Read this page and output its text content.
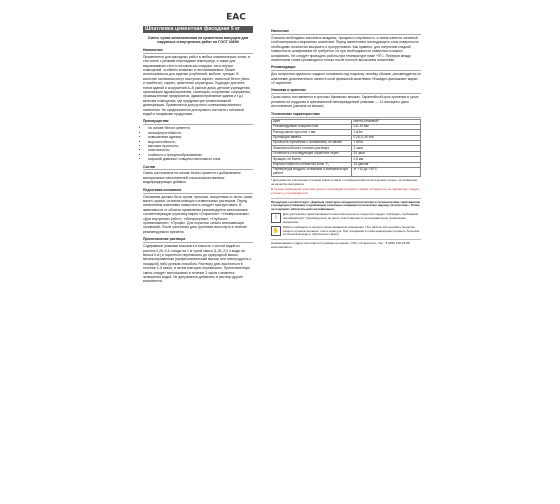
EAC
Шпатлевка цементная фасадная 5 кг
Смесь сухая шпатлевочная на цементном вяжущем для наружных и внутренних работ по ГОСТ 33699
Назначение
Применяется для фасадных работ в любых климатических зонах, в том числе с резкими перепадами температур, а также для выравнивания стен и потолков как снаружи, так и внутри помещений, особенно влажных и неотапливаемых. Может использоваться для заделки углублений, выбоин, трещин. В качестве основания могут выступать кирпич, ячеистый бетон (пено- и газобетон), кирпич, цементная штукатурка. Подходит для всех типов зданий и сооружений А–В (жилые дома, детские учреждения, организации здравоохранения, санатории, спортивные сооружения, промышленные предприятия, административные здания и т.д.) включая помещения, где предусмотрен режим влажной дезинфекции. Применяется для ручного и механизированного нанесения. Не предназначена для прямого контакта с питьевой водой и пищевыми продуктами.
Преимущества:
• на основе белого цемента;
• атмосферостойкость;
• повышенная адгезия;
• морозостойкость;
• высокая прочность;
• эластичность;
• стойкость к трещинообразованию;
• широкий диапазон толщины наносимого слоя.
Состав
Смесь изготовлена на основе белого цемента с добавлением минеральных наполнителей и высококачественных модифицирующих добавок.
Подготовка основания
Основание должно быть сухим, прочным, очищенным от пыли, грязи, масел, краски, остатков моющих и известковых растворов. Перед нанесением шпатлевки поверхность следует прогрунтовать. В зависимости от области применения рекомендуется использовать соответствующую грунтовку марки «Старатели»: «Универсальная», «Для внутренних работ», «Интерьерная», «Глубокого проникновения», «Профи». Для пористых сильно впитывающих оснований. После нанесения дать грунтовке высохнуть в течение рекомендуемого времени.
Приготовление раствора
Содержимое упаковки высыпать в емкость с чистой водой из расчета 0,25–0,4 л воды на 1 кг сухой смеси (1,25–2,0 л воды на мешок 5 кг) и тщательно перемешать до однородной массы механизированным (профессиональный миксер или электродрель с насадкой) либо ручным способом. Раствору дать выстояться в течение 3–5 минут, и затем повторно перемешать. Приготовленную смесь следует использовать в течение 3 часов с момента затворения водой. Не допускается добавлять в раствор другие компоненты.
Нанесение
Сначала необходимо заполнить впадины, трещины и неровности, а затем нанести основной слой материала и выровнять шпателем. Перед нанесением последующего слоя поверхность необходимо полностью высушить и прогрунтовать. Как правило, для получения гладкой поверхности шлифование не требуется, но при необходимости поверхность можно шлифовать. Не следует проводить работы при температуре ниже +5°С. Перерыв между нанесением слоев производится только после полного высыхания шпатлевки.
Рекомендации
Для получения идеально гладкого основания под покраску, оклейку обоями, рекомендуется по шпатлевке дополнительно нанести слой финишной шпатлевки «Фасадно-финишная» марки «Старатели».
Упаковка и хранение
Сухая смесь поставляется в прочных бумажных мешках. Гарантийный срок хранения в сухих условиях на поддонах в оригинальной неповрежденной упаковке — 12 месяцев с даты изготовления (указана на мешке).
Технические характеристики
Цвет	светло-бежевый*
Рекомендуемая толщина слоя	0,8–10 мм
Расход смеси при слое 1 мм	1 кг/м²
Пропорция замеса	0,25–0,40 л/кг
Прочность сцепления с основанием, не менее	1 МПа
Жизнеспособность готового раствора	3 часа
Готовность к последующей обработке через	24 часа
Фракция, не более	0,6 мм
Морозостойкость контактной зоны, F₂	25 циклов
Температура воздуха, основания и материала при работе	от +10 до +30°С
* Допускаются отклонения оттенков смеси в связи с особенностями используемого сырья, не влияющие на качество материала.
В случае применения грунтовки другого производителя вместо марки «Старатели» ее параметры следует уточнить у производителя.
Продукция соответствует «Единым санитарно-эпидемиологическим и гигиеническим требованиям к продукции (товарам), подлежащим санитарно-эпидемиологическому надзору (контролю)». Товар не подлежит обязательной сертификации.
!
Для достижения гарантированного качества конечного покрытия следует соблюдать требования производителя. Производитель не несет ответственности за неправильное применение материала.
✋
Работы проводить в хорошо проветриваемом помещении. При работе использовать средства защиты органов дыхания, глаз и кожи рук. При попадании в глаза немедленно промыть большим количеством воды и обратиться к врачу.
Наименование и адрес изготовителя указаны на мешке. ООО «Старатели». Тел.: 8 (800) 100-25-88 www.starateli.ru
